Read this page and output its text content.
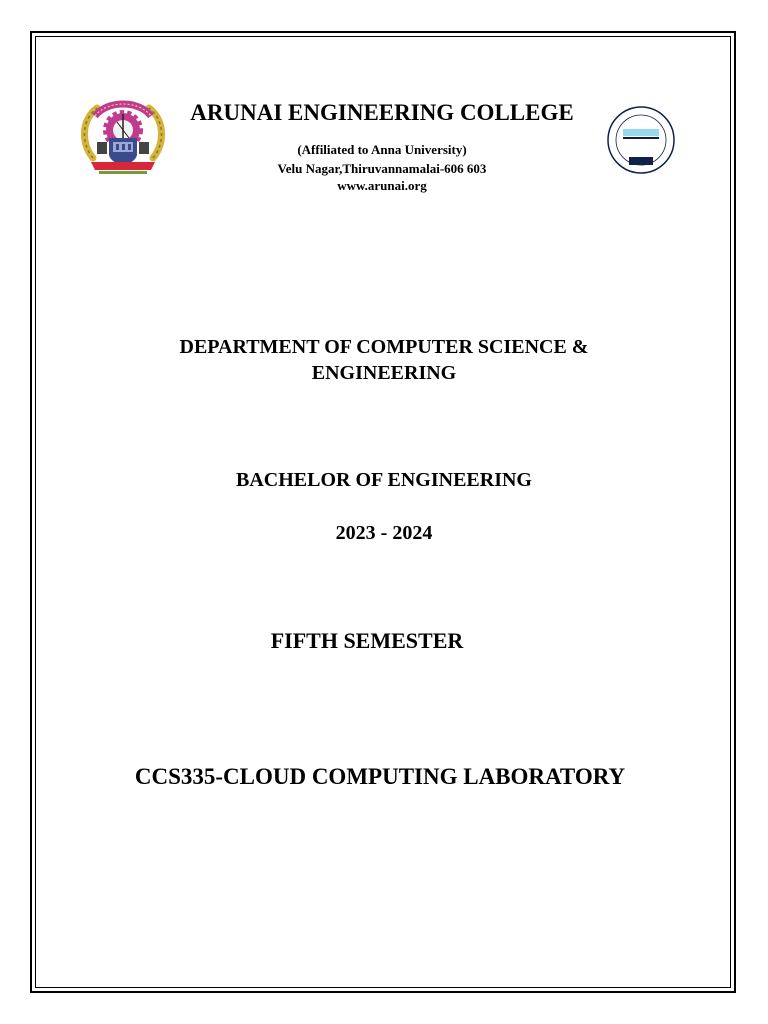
ARUNAI ENGINEERING COLLEGE
(Affiliated to Anna University)
Velu Nagar,Thiruvannamalai-606 603
www.arunai.org
DEPARTMENT OF COMPUTER SCIENCE &
ENGINEERING
BACHELOR OF ENGINEERING
2023 - 2024
FIFTH SEMESTER
CCS335-CLOUD COMPUTING LABORATORY
